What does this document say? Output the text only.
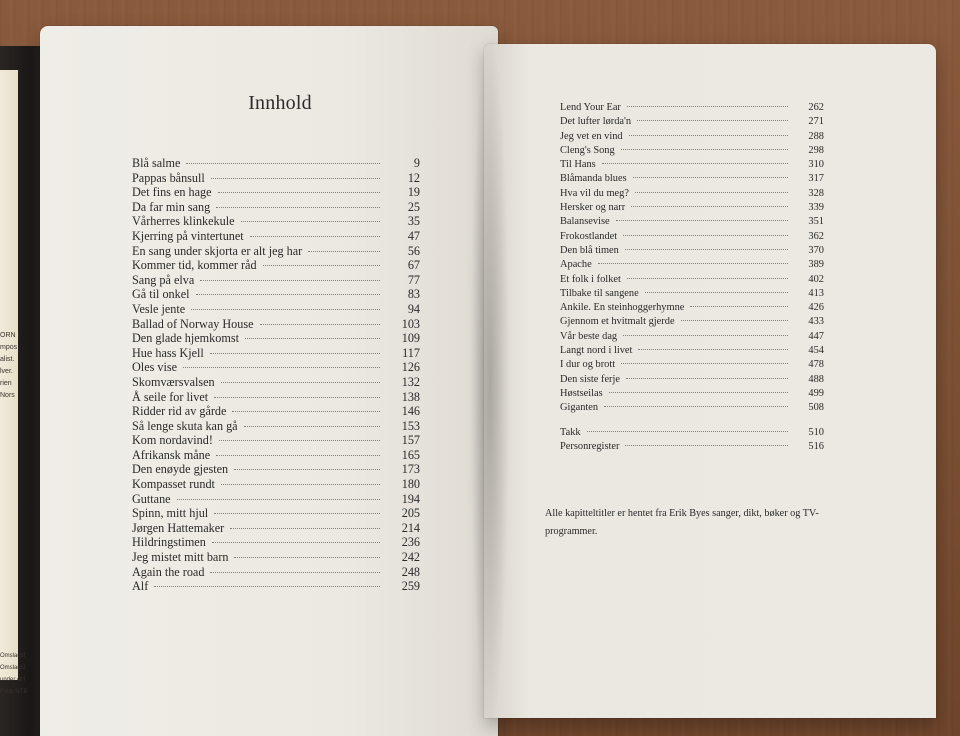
ORN I
mpos
alist.
lver.
rien
Nors
Omslagsf
Omslagsf
under et l
Foto: NTB
Innhold
Blå salme	9
Pappas bånsull	12
Det fins en hage	19
Da far min sang	25
Vårherres klinkekule	35
Kjerring på vintertunet	47
En sang under skjorta er alt jeg har	56
Kommer tid, kommer råd	67
Sang på elva	77
Gå til onkel	83
Vesle jente	94
Ballad of Norway House	103
Den glade hjemkomst	109
Hue hass Kjell	117
Oles vise	126
Skomværsvalsen	132
Å seile for livet	138
Ridder rid av gårde	146
Så lenge skuta kan gå	153
Kom nordavind!	157
Afrikansk måne	165
Den enøyde gjesten	173
Kompasset rundt	180
Guttane	194
Spinn, mitt hjul	205
Jørgen Hattemaker	214
Hildringstimen	236
Jeg mistet mitt barn	242
Again the road	248
Alf	259
Lend Your Ear	262
Det lufter lørda'n	271
Jeg vet en vind	288
Cleng's Song	298
Til Hans	310
Blåmanda blues	317
Hva vil du meg?	328
Hersker og narr	339
Balansevise	351
Frokostlandet	362
Den blå timen	370
Apache	389
Et folk i folket	402
Tilbake til sangene	413
Ankile. En steinhoggerhymne	426
Gjennom et hvitmalt gjerde	433
Vår beste dag	447
Langt nord i livet	454
I dur og brott	478
Den siste ferje	488
Høstseilas	499
Giganten	508
Takk	510
Personregister	516
Alle kapitteltitler er hentet fra Erik Byes sanger, dikt, bøker og TV-programmer.
